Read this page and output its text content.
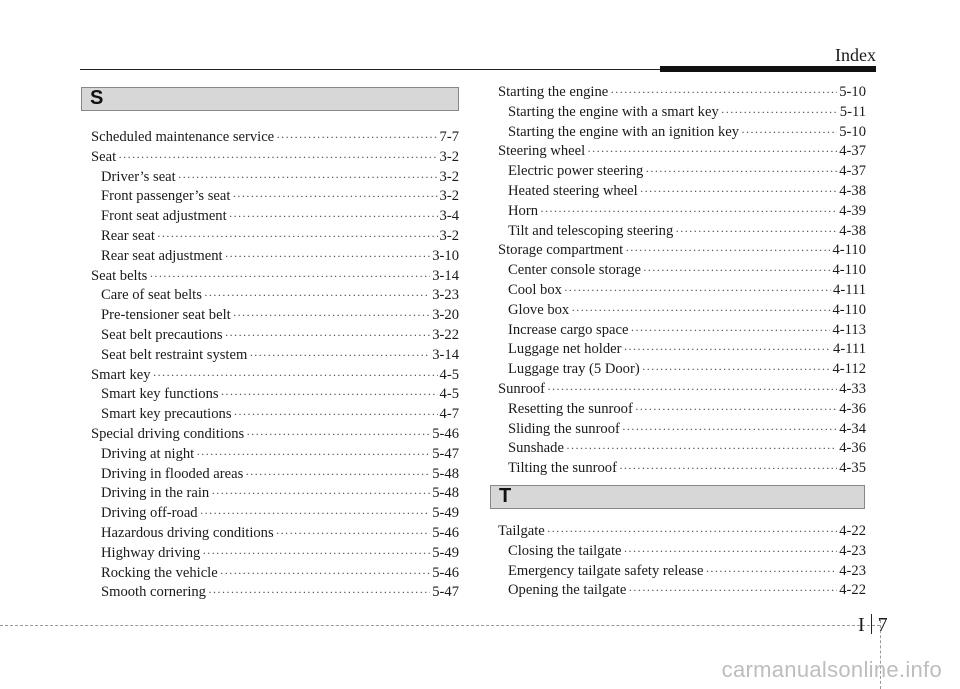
Index
S
Scheduled maintenance service ·····	7-7
Seat ·····	3-2
Driver’s seat ·····	3-2
Front passenger’s seat ·····	3-2
Front seat adjustment ·····	3-4
Rear seat ·····	3-2
Rear seat adjustment ·····	3-10
Seat belts ·····	3-14
Care of seat belts ·····	3-23
Pre-tensioner seat belt ·····	3-20
Seat belt precautions ·····	3-22
Seat belt restraint system ·····	3-14
Smart key ·····	4-5
Smart key functions ·····	4-5
Smart key precautions ·····	4-7
Special driving conditions ·····	5-46
Driving at night ·····	5-47
Driving in flooded areas ·····	5-48
Driving in the rain ·····	5-48
Driving off-road ·····	5-49
Hazardous driving conditions ·····	5-46
Highway driving ·····	5-49
Rocking the vehicle ·····	5-46
Smooth cornering ·····	5-47
Starting the engine ·····	5-10
Starting the engine with a smart key ·····	5-11
Starting the engine with an ignition key ·····	5-10
Steering wheel ·····	4-37
Electric power steering ·····	4-37
Heated steering wheel ·····	4-38
Horn ·····	4-39
Tilt and telescoping steering ·····	4-38
Storage compartment ·····	4-110
Center console storage ·····	4-110
Cool box ·····	4-111
Glove box ·····	4-110
Increase cargo space ·····	4-113
Luggage net holder ·····	4-111
Luggage tray (5 Door) ·····	4-112
Sunroof ·····	4-33
Resetting the sunroof ·····	4-36
Sliding the sunroof ·····	4-34
Sunshade ·····	4-36
Tilting the sunroof ·····	4-35
T
Tailgate ·····	4-22
Closing the tailgate ·····	4-23
Emergency tailgate safety release ·····	4-23
Opening the tailgate ·····	4-22
I 7
carmanualsonline.info
